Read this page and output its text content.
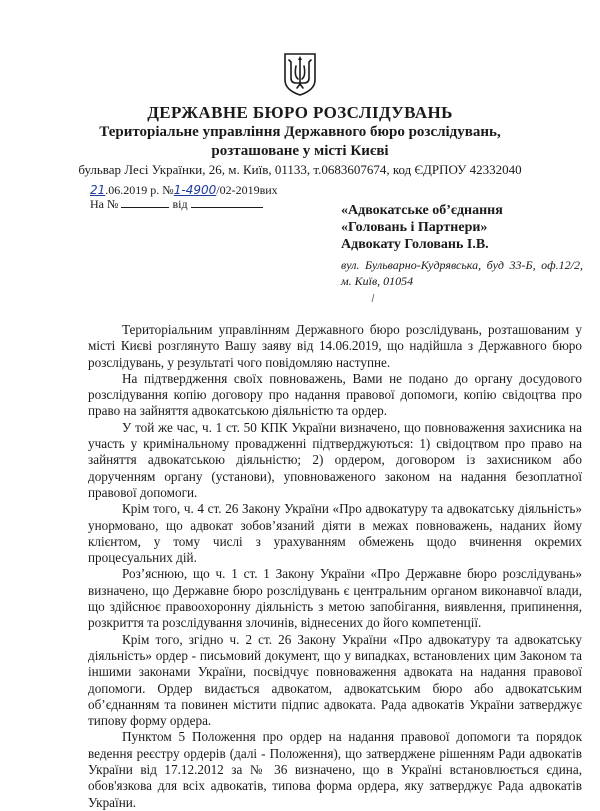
ДЕРЖАВНЕ БЮРО РОЗСЛІДУВАНЬ
Територіальне управління Державного бюро розслідувань,
розташоване у місті Києві
бульвар Лесі Українки, 26, м. Київ, 01133, т.0683607674, код ЄДРПОУ 42332040
21.06.2019 р. №1-4900/02-2019вих
На №	від	«Адвокатське об’єднання

«Головань і Партнери»

Адвокату Головань І.В.

вул. Бульварно-Кудрявська, буд 33-Б, оф.12/2, м. Київ, 01054

Територіальним управлінням Державного бюро розслідувань, розташованим у місті Києві розглянуто Вашу заяву від 14.06.2019, що надійшла з Державного бюро розслідувань, у результаті чого повідомляю наступне.

На підтвердження своїх повноважень, Вами не подано до органу досудового розслідування копію договору про надання правової допомоги, копію свідоцтва про право на зайняття адвокатською діяльністю та ордер.

У той же час, ч. 1 ст. 50 КПК України визначено, що повноваження захисника на участь у кримінальному провадженні підтверджуються: 1) свідоцтвом про право на зайняття адвокатською діяльністю; 2) ордером, договором із захисником або дорученням органу (установи), уповноваженого законом на надання безоплатної правової допомоги.

Крім того, ч. 4 ст. 26 Закону України «Про адвокатуру та адвокатську діяльність» унормовано, що адвокат зобов’язаний діяти в межах повноважень, наданих йому клієнтом, у тому числі з урахуванням обмежень щодо вчинення окремих процесуальних дій.

Роз’яснюю, що ч. 1 ст. 1 Закону України «Про Державне бюро розслідувань» визначено, що Державне бюро розслідувань є центральним органом виконавчої влади, що здійснює правоохоронну діяльність з метою запобігання, виявлення, припинення, розкриття та розслідування злочинів, віднесених до його компетенції.

Крім того, згідно ч. 2 ст. 26 Закону України «Про адвокатуру та адвокатську діяльність» ордер - письмовий документ, що у випадках, встановлених цим Законом та іншими законами України, посвідчує повноваження адвоката на надання правової допомоги. Ордер видається адвокатом, адвокатським бюро або адвокатським об’єднанням та повинен містити підпис адвоката. Рада адвокатів України затверджує типову форму ордера.

Пунктом 5 Положення про ордер на надання правової допомоги та порядок ведення реєстру ордерів (далі - Положення), що затверджене рішенням Ради адвокатів України від 17.12.2012 за № 36 визначено, що в Україні встановлюється єдина, обов'язкова для всіх адвокатів, типова форма ордера, яку затверджує Рада адвокатів України.
